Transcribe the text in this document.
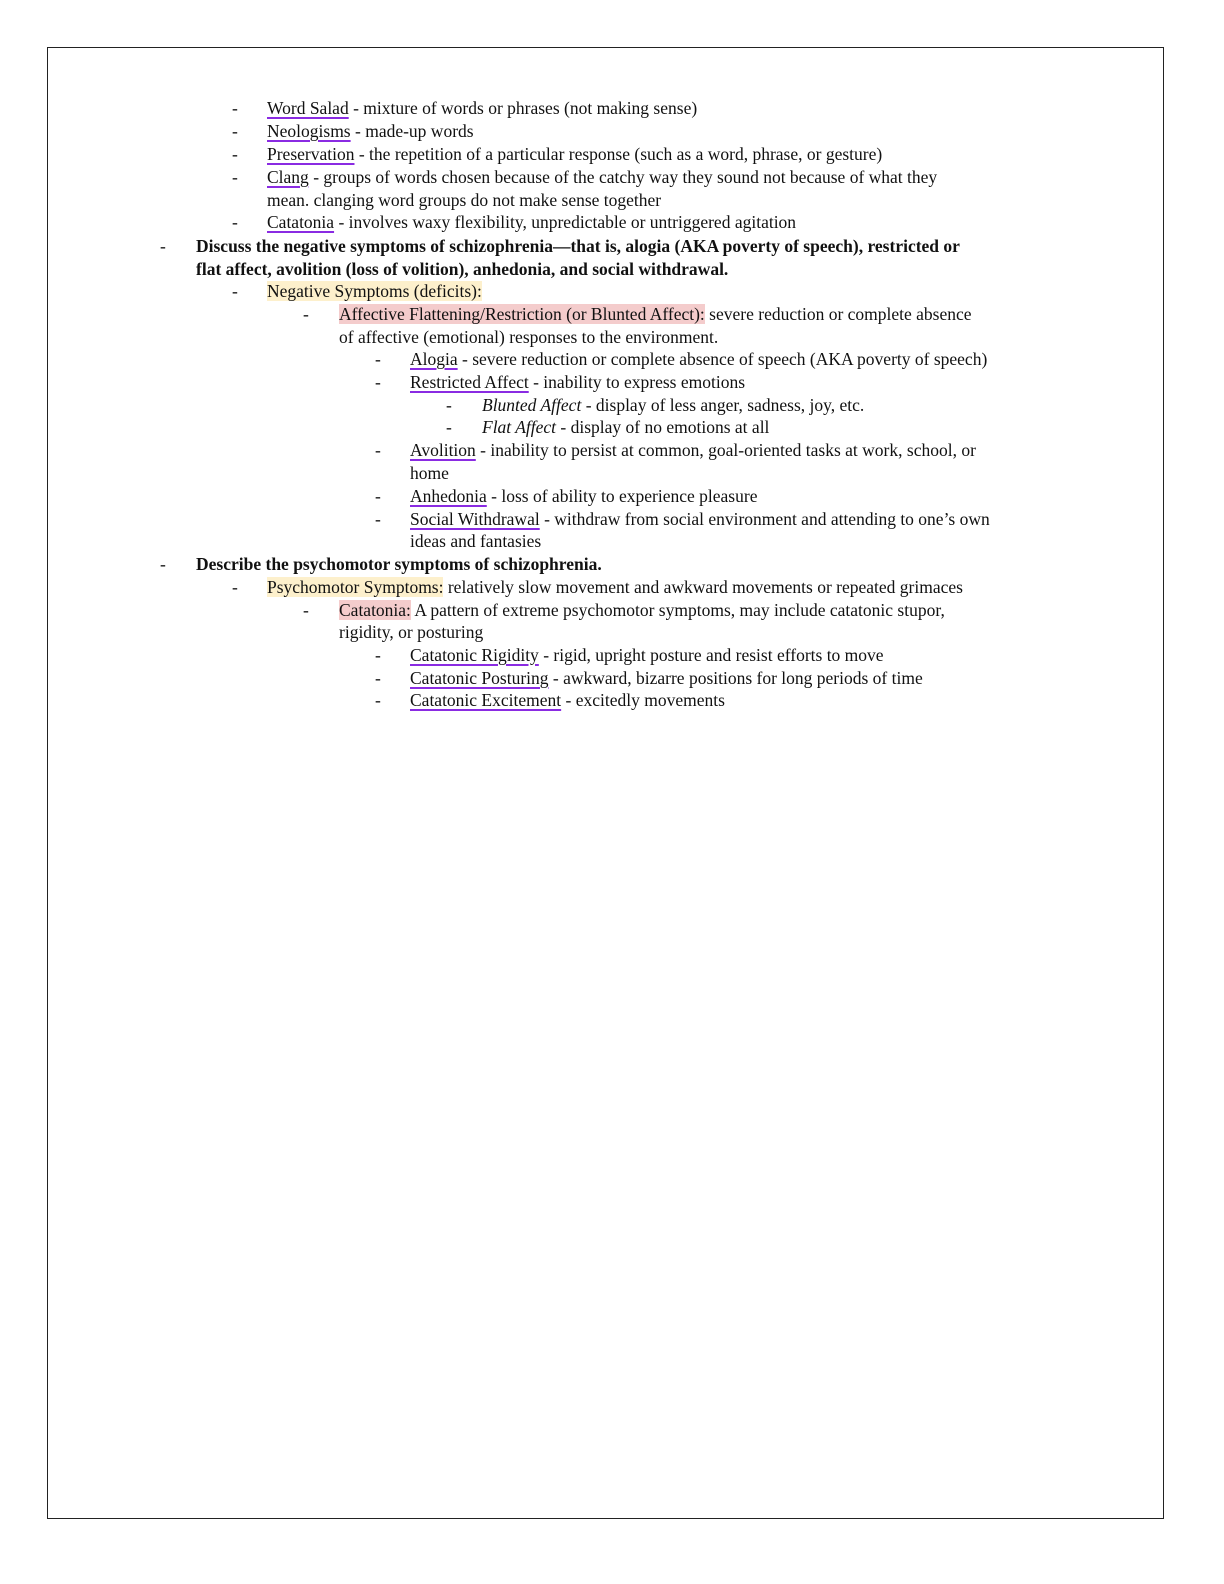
- Word Salad - mixture of words or phrases (not making sense)
- Neologisms - made-up words
- Preservation - the repetition of a particular response (such as a word, phrase, or gesture)
- Clang - groups of words chosen because of the catchy way they sound not because of what they
mean. clanging word groups do not make sense together
- Catatonia - involves waxy flexibility, unpredictable or untriggered agitation
- Discuss the negative symptoms of schizophrenia—that is, alogia (AKA poverty of speech), restricted or
flat affect, avolition (loss of volition), anhedonia, and social withdrawal.
- Negative Symptoms (deficits):
- Affective Flattening/Restriction (or Blunted Affect): severe reduction or complete absence
of affective (emotional) responses to the environment.
- Alogia - severe reduction or complete absence of speech (AKA poverty of speech)
- Restricted Affect - inability to express emotions
- Blunted Affect - display of less anger, sadness, joy, etc.
- Flat Affect - display of no emotions at all
- Avolition - inability to persist at common, goal-oriented tasks at work, school, or
home
- Anhedonia - loss of ability to experience pleasure
- Social Withdrawal - withdraw from social environment and attending to one’s own
ideas and fantasies
- Describe the psychomotor symptoms of schizophrenia.
- Psychomotor Symptoms: relatively slow movement and awkward movements or repeated grimaces
- Catatonia: A pattern of extreme psychomotor symptoms, may include catatonic stupor,
rigidity, or posturing
- Catatonic Rigidity - rigid, upright posture and resist efforts to move
- Catatonic Posturing - awkward, bizarre positions for long periods of time
- Catatonic Excitement - excitedly movements
